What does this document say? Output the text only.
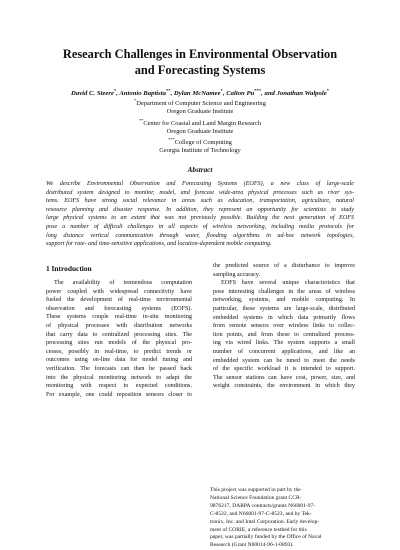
Research Challenges in Environmental Observation
and Forecasting Systems
David C. Steere*, Antonio Baptista**, Dylan McNamee*, Calton Pu***, and Jonathan Walpole*
*Department of Computer Science and Engineering
Oregon Graduate Institute
**Center for Coastal and Land Margin Research
Oregon Graduate Institute
***College of Computing
Georgia Institute of Technology
Abstract
We describe Environmental Observation and Forecasting Systems (EOFS), a new class of large-scale
distributed system designed to monitor, model, and forecast wide-area physical processes such as river sys-
tems. EOFS have strong social relevance in areas such as education, transportation, agriculture, natural
resource planning and disaster response. In addition, they represent an opportunity for scientists to study
large physical systems to an extent that was not previously possible. Building the next generation of EOFS
pose a number of difficult challenges in all aspects of wireless networking, including media protocols for
long distance vertical communication through water, flooding algorithms in ad-hoc network topologies,
support for rate- and time-sensitive applications, and location-dependent mobile computing.
1 Introduction
The availability of tremendous computation
power coupled with widespread connectivity have
fueled the development of real-time environmental
observation and forecasting systems (EOFS).
These systems couple real-time in-situ monitoring
of physical processes with distribution networks
that carry data to centralized processing sites. The
processing sites run models of the physical pro-
cesses, possibly in real-time, to predict trends or
outcomes using on-line data for model tuning and
verification. The forecasts can then be passed back
into the physical monitoring network to adapt the
monitoring with respect to expected conditions.
For example, one could reposition sensors closer to
the predicted source of a disturbance to improve
sampling accuracy.
EOFS have several unique characteristics that
pose interesting challenges in the areas of wireless
networking, systems, and mobile computing. In
particular, these systems are large-scale, distributed
embedded systems in which data primarily flows
from remote sensors over wireless links to collec-
tion points, and from these to centralized process-
ing via wired links. The system supports a small
number of concurrent applications, and like an
embedded system can be tuned to meet the needs
of the specific workload it is intended to support.
The sensor stations can have cost, power, size, and
weight constraints, the environment in which they
This project was supported in part by the
National Science Foundation grant CCR-
9876217, DARPA contracts/grants N66001-97-
C-8522, and N66001-97-C-8523, and by Tek-
tronix, Inc. and Intel Corporation. Early develop-
ment of CORIE, a reference testbed for this
paper, was partially funded by the Office of Naval
Research (Grant N00014-96-1-0893).
